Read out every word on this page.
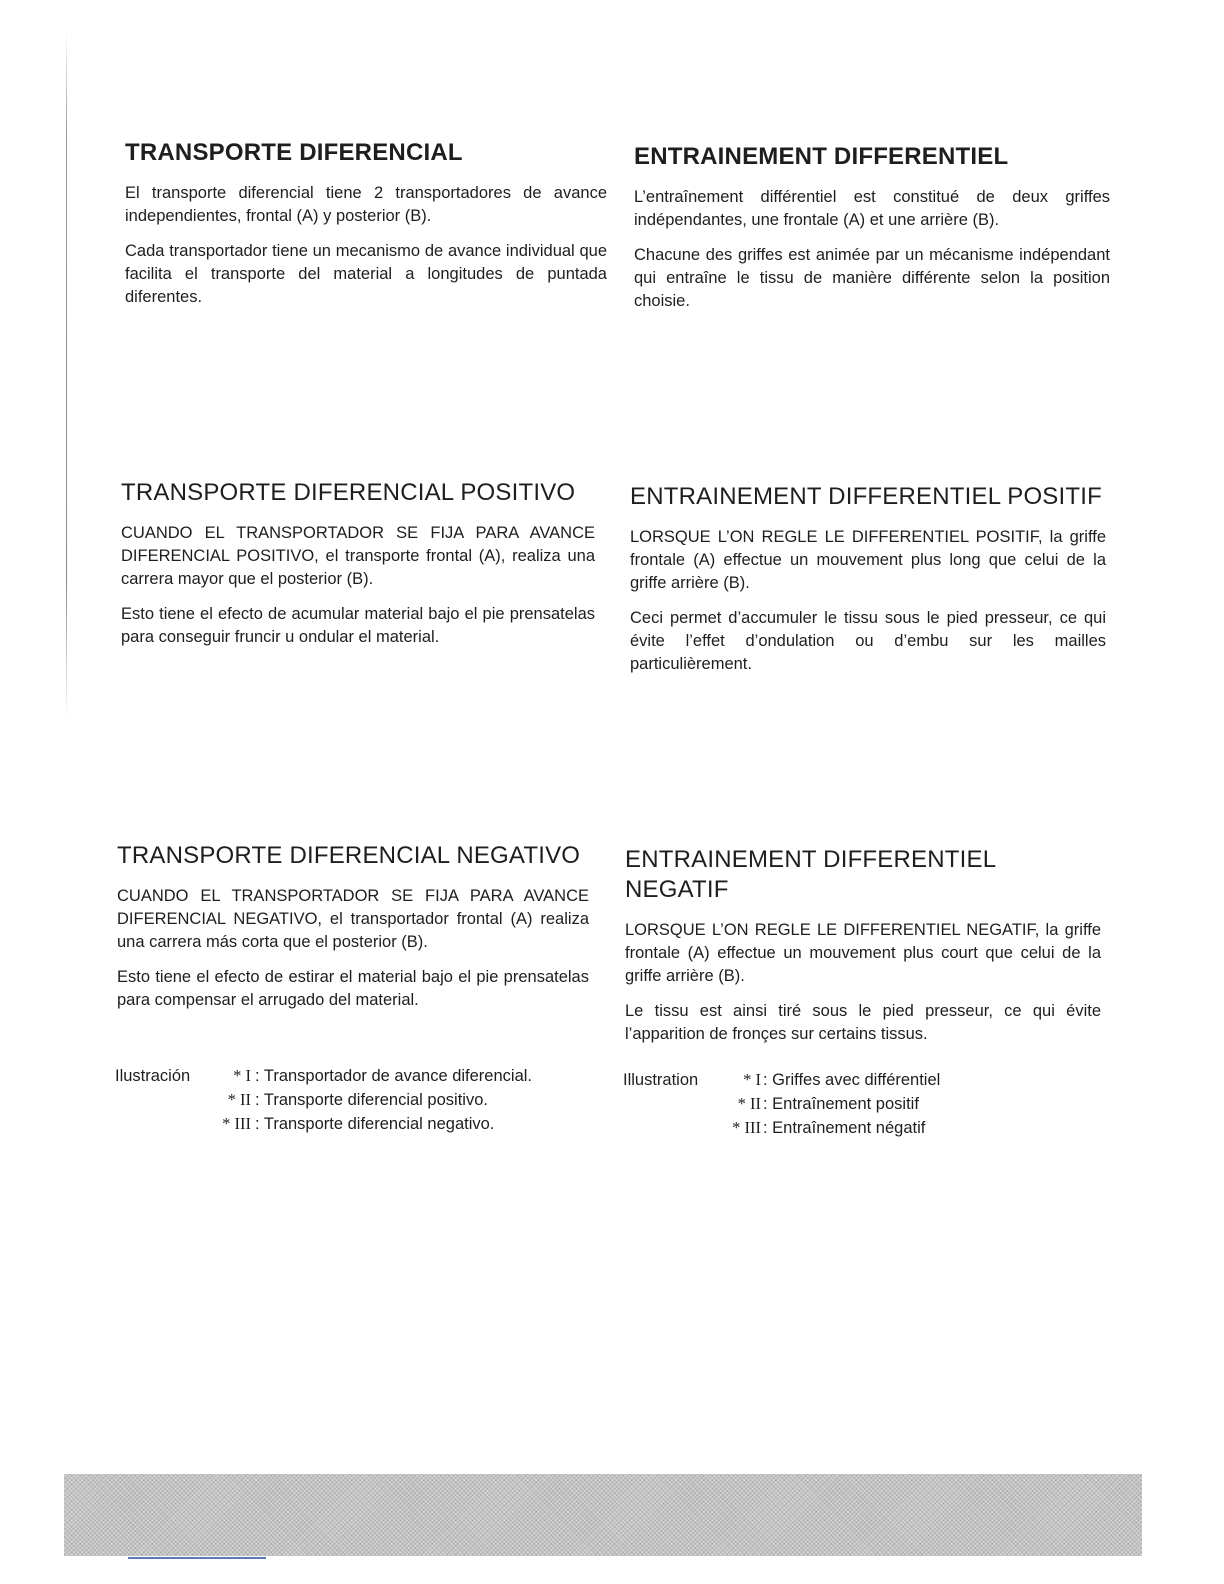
TRANSPORTE DIFERENCIAL

El transporte diferencial tiene 2 transportadores de avance independientes, frontal (A) y posterior (B).

Cada transportador tiene un mecanismo de avance individual que facilita el transporte del material a longitudes de puntada diferentes.

ENTRAINEMENT DIFFERENTIEL

L’entraînement différentiel est constitué de deux griffes indépendantes, une frontale (A) et une arrière (B).

Chacune des griffes est animée par un mécanisme indépendant qui entraîne le tissu de manière différente selon la position choisie.

TRANSPORTE DIFERENCIAL POSITIVO

CUANDO EL TRANSPORTADOR SE FIJA PARA AVANCE DIFERENCIAL POSITIVO, el transporte frontal (A), realiza una carrera mayor que el posterior (B).

Esto tiene el efecto de acumular material bajo el pie prensatelas para conseguir fruncir u ondular el material.

ENTRAINEMENT DIFFERENTIEL POSITIF

LORSQUE L’ON REGLE LE DIFFERENTIEL POSITIF, la griffe frontale (A) effectue un mouvement plus long que celui de la griffe arrière (B).

Ceci permet d’accumuler le tissu sous le pied presseur, ce qui évite l’effet d’ondulation ou d’embu sur les mailles particulièrement.

TRANSPORTE DIFERENCIAL NEGATIVO

CUANDO EL TRANSPORTADOR SE FIJA PARA AVANCE DIFERENCIAL NEGATIVO, el transportador frontal (A) realiza una carrera más corta que el posterior (B).

Esto tiene el efecto de estirar el material bajo el pie prensatelas para compensar el arrugado del material.

ENTRAINEMENT DIFFERENTIEL NEGATIF

LORSQUE L’ON REGLE LE DIFFERENTIEL NEGATIF, la griffe frontale (A) effectue un mouvement plus court que celui de la griffe arrière (B).

Le tissu est ainsi tiré sous le pied presseur, ce qui évite l’apparition de fronçes sur certains tissus.

Ilustración	* I : Transportador de avance diferencial.
* II : Transporte diferencial positivo.
* III : Transporte diferencial negativo.
Illustration	* I : Griffes avec différentiel
* II : Entraînement positif
* III : Entraînement négatif
